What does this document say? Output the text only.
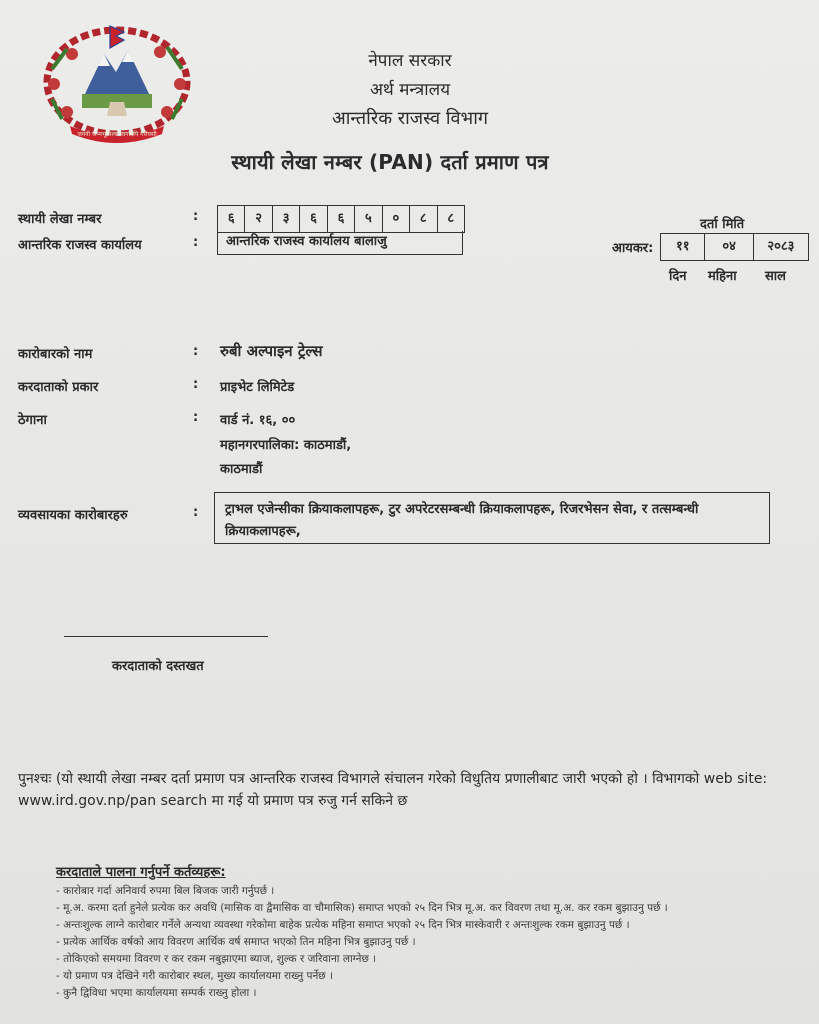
जननी जन्मभूमिश्च स्वर्गादपि गरीयसी
नेपाल सरकार
अर्थ मन्त्रालय
आन्तरिक राजस्व विभाग
स्थायी लेखा नम्बर (PAN) दर्ता प्रमाण पत्र
स्थायी लेखा नम्बर	:	६	२	३	६	६	५	०	८	८
आन्तरिक राजस्व कार्यालय	:	आन्तरिक राजस्व कार्यालय बालाजु
दर्ता मिति
आयकर:	११	०४	२०८३
दिन महिना साल
कारोबारको नाम	: रुबी अल्पाइन ट्रेल्स
करदाताको प्रकार	: प्राइभेट लिमिटेड
ठेगाना	: वार्ड नं. १६, ००
महानगरपालिका: काठमाडौं,
काठमाडौं
व्यवसायका कारोबारहरु	:	ट्राभल एजेन्सीका क्रियाकलापहरू, टुर अपरेटरसम्बन्धी क्रियाकलापहरू, रिजरभेसन सेवा, र तत्सम्बन्धी क्रियाकलापहरू,
करदाताको दस्तखत
पुनश्चः (यो स्थायी लेखा नम्बर दर्ता प्रमाण पत्र आन्तरिक राजस्व विभागले संचालन गरेको विधुतिय प्रणालीबाट जारी भएको हो । विभागको web site: www.ird.gov.np/pan search मा गई यो प्रमाण पत्र रुजु गर्न सकिने छ
करदाताले पालना गर्नुपर्ने कर्तव्यहरू:
- कारोबार गर्दा अनिवार्य रुपमा बिल बिजक जारी गर्नुपर्छ ।
- मू.अ. करमा दर्ता हुनेले प्रत्येक कर अवधि (मासिक वा द्वैमासिक वा चौमासिक) समाप्त भएको २५ दिन भित्र मू.अ. कर विवरण तथा मू.अ. कर रकम बुझाउनु पर्छ ।
- अन्तःशुल्क लाग्ने कारोबार गर्नेले अन्यथा व्यवस्था गरेकोमा बाहेक प्रत्येक महिना समाप्त भएको २५ दिन भित्र मास्केवारी र अन्तःशुल्क रकम बुझाउनु पर्छ ।
- प्रत्येक आर्थिक वर्षको आय विवरण आर्थिक वर्ष समाप्त भएको तिन महिना भित्र बुझाउनु पर्छ ।
- तोकिएको समयमा विवरण र कर रकम नबुझाएमा ब्याज, शुल्क र जरिवाना लाग्नेछ ।
- यो प्रमाण पत्र देखिने गरी कारोबार स्थल, मुख्य कार्यालयमा राख्नु पर्नेछ ।
- कुनै द्विविधा भएमा कार्यालयमा सम्पर्क राख्नु होला ।
